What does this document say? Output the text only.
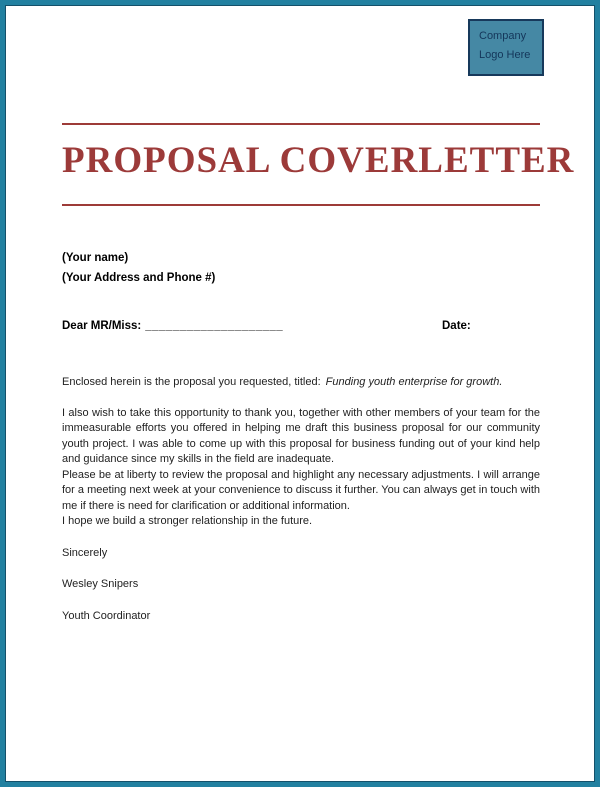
Company
Logo Here
PROPOSAL COVERLETTER
(Your name)
(Your Address and Phone #)
Dear MR/Miss: ____________________	Date:

Enclosed herein is the proposal you requested, titled: Funding youth enterprise for growth.

I also wish to take this opportunity to thank you, together with other members of your team for the immeasurable efforts you offered in helping me draft this business proposal for our community youth project. I was able to come up with this proposal for business funding out of your kind help and guidance since my skills in the field are inadequate.

Please be at liberty to review the proposal and highlight any necessary adjustments. I will arrange for a meeting next week at your convenience to discuss it further. You can always get in touch with me if there is need for clarification or additional information.

I hope we build a stronger relationship in the future.

Sincerely

Wesley Snipers

Youth Coordinator
